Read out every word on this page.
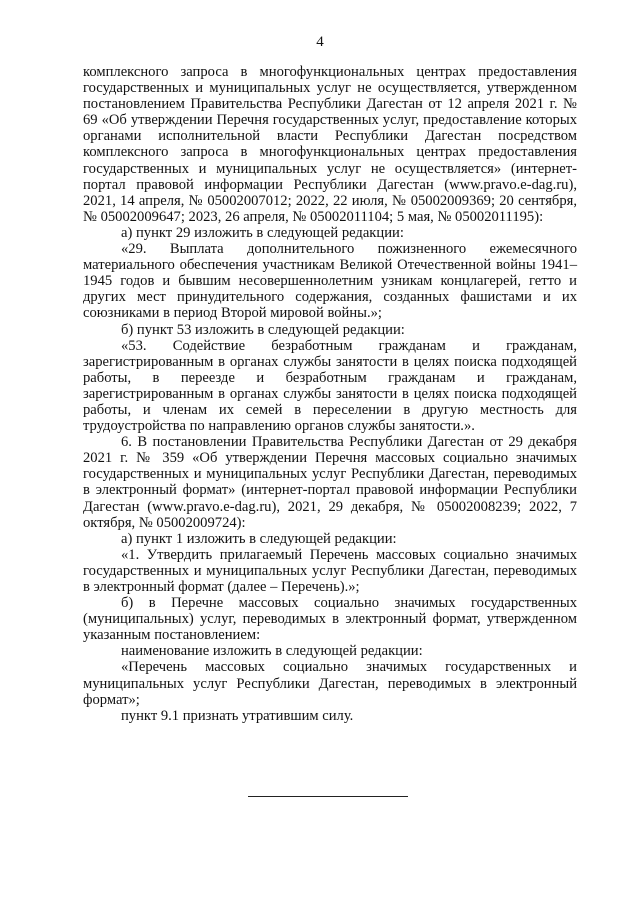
4

комплексного запроса в многофункциональных центрах предоставления государственных и муниципальных услуг не осуществляется, утвержденном постановлением Правительства Республики Дагестан от 12 апреля 2021 г. № 69 «Об утверждении Перечня государственных услуг, предоставление которых органами исполнительной власти Республики Дагестан посредством комплексного запроса в многофункциональных центрах предоставления государственных и муниципальных услуг не осуществляется» (интернет-портал правовой информации Республики Дагестан (www.pravo.e-dag.ru), 2021, 14 апреля, № 05002007012; 2022, 22 июля, № 05002009369; 20 сентября, № 05002009647; 2023, 26 апреля, № 05002011104; 5 мая, № 05002011195):

а) пункт 29 изложить в следующей редакции:

«29. Выплата дополнительного пожизненного ежемесячного материального обеспечения участникам Великой Отечественной войны 1941–1945 годов и бывшим несовершеннолетним узникам концлагерей, гетто и других мест принудительного содержания, созданных фашистами и их союзниками в период Второй мировой войны.»;

б) пункт 53 изложить в следующей редакции:

«53. Содействие безработным гражданам и гражданам, зарегистрированным в органах службы занятости в целях поиска подходящей работы, в переезде и безработным гражданам и гражданам, зарегистрированным в органах службы занятости в целях поиска подходящей работы, и членам их семей в переселении в другую местность для трудоустройства по направлению органов службы занятости.».

6. В постановлении Правительства Республики Дагестан от 29 декабря 2021 г. № 359 «Об утверждении Перечня массовых социально значимых государственных и муниципальных услуг Республики Дагестан, переводимых в электронный формат» (интернет-портал правовой информации Республики Дагестан (www.pravo.e-dag.ru), 2021, 29 декабря, № 05002008239; 2022, 7 октября, № 05002009724):

а) пункт 1 изложить в следующей редакции:

«1. Утвердить прилагаемый Перечень массовых социально значимых государственных и муниципальных услуг Республики Дагестан, переводимых в электронный формат (далее – Перечень).»;

б) в Перечне массовых социально значимых государственных (муниципальных) услуг, переводимых в электронный формат, утвержденном указанным постановлением:

наименование изложить в следующей редакции:

«Перечень массовых социально значимых государственных и муниципальных услуг Республики Дагестан, переводимых в электронный формат»;

пункт 9.1 признать утратившим силу.
